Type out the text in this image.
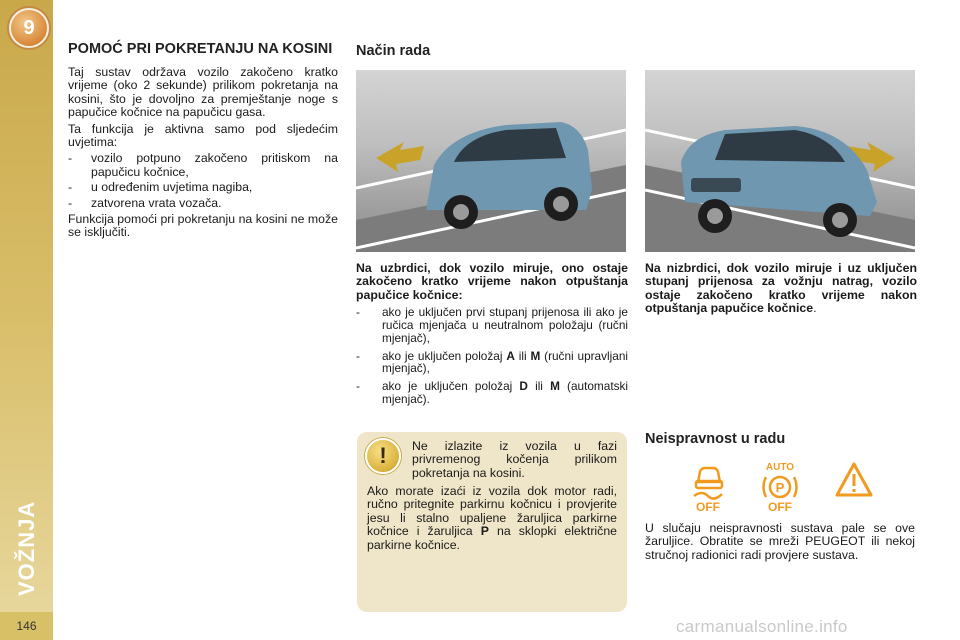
9
VOŽNJA
146
POMOĆ PRI POKRETANJU NA KOSINI

Taj sustav održava vozilo zakočeno kratko vrijeme (oko 2 sekunde) prilikom pokretanja na kosini, što je dovoljno za premještanje noge s papučice kočnice na papučicu gasa.

Ta funkcija je aktivna samo pod sljedećim uvjetima:

- vozilo potpuno zakočeno pritiskom na papučicu kočnice,
- u određenim uvjetima nagiba,
- zatvorena vrata vozača.

Funkcija pomoći pri pokretanju na kosini ne može se isključiti.

Način rada

Na uzbrdici, dok vozilo miruje, ono ostaje zakočeno kratko vrijeme nakon otpuštanja papučice kočnice:

- ako je uključen prvi stupanj prijenosa ili ako je ručica mjenjača u neutralnom položaju (ručni mjenjač),
- ako je uključen položaj A ili M (ručni upravljani mjenjač),
- ako je uključen položaj D ili M (automatski mjenjač).

Na nizbrdici, dok vozilo miruje i uz uključen stupanj prijenosa za vožnju natrag, vozilo ostaje zakočeno kratko vrijeme nakon otpuštanja papučice kočnice.

!	Ne izlazite iz vozila u fazi privremenog kočenja prilikom pokretanja na kosini.

Ako morate izaći iz vozila dok motor radi, ručno pritegnite parkirnu kočnicu i provjerite jesu li stalno upaljene žaruljica parkirne kočnice i žaruljica P na sklopki električne parkirne kočnice.

Neispravnost u radu
OFF
AUTO
P
OFF

U slučaju neispravnosti sustava pale se ove žaruljice. Obratite se mreži PEUGEOT ili nekoj stručnoj radionici radi provjere sustava.

carmanualsonline.info
